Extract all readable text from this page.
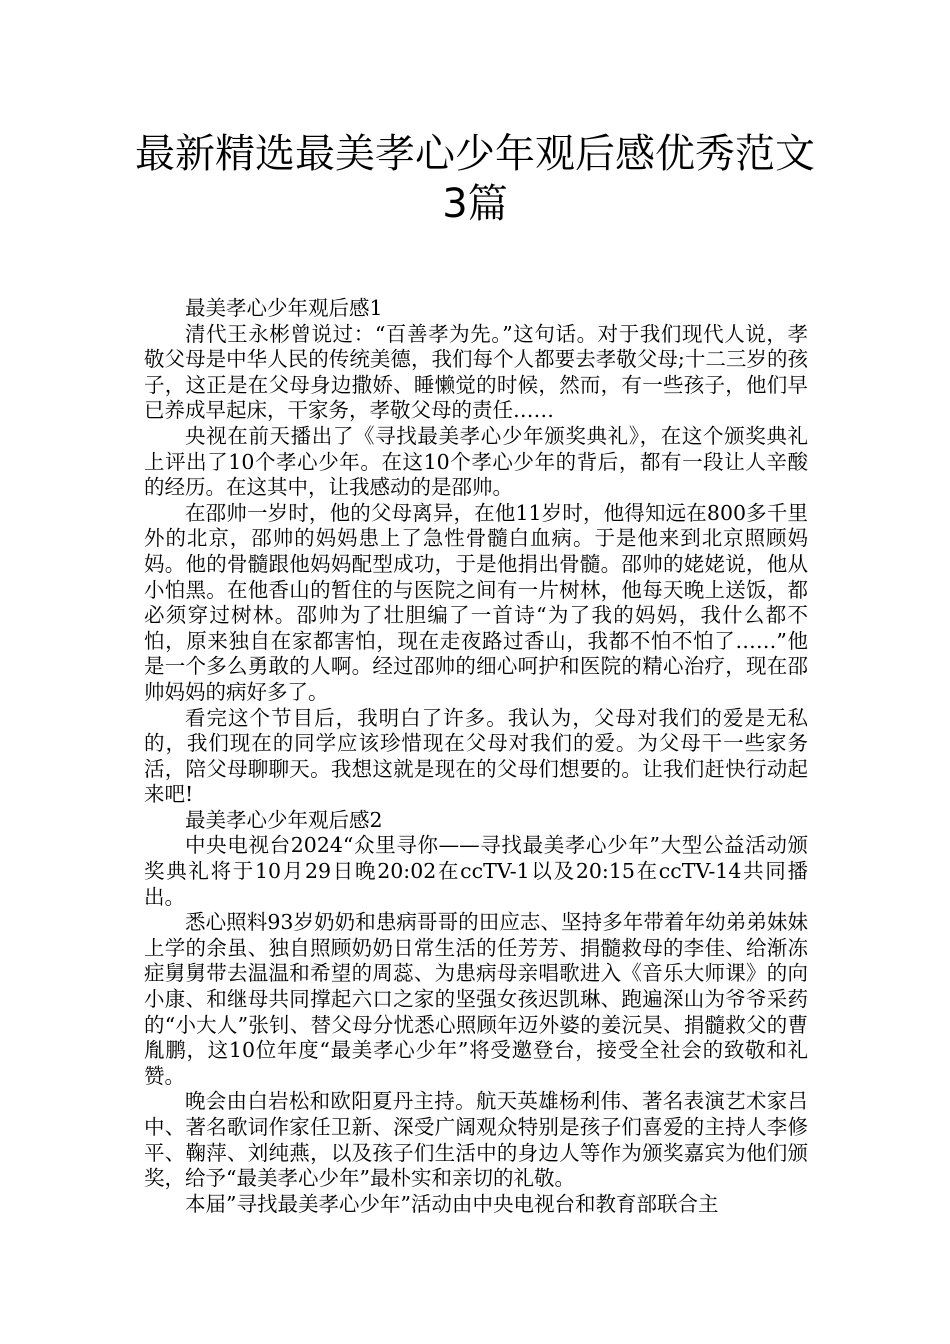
最新精选最美孝心少年观后感优秀范文
3篇

最美孝心少年观后感1

清代王永彬曾说过：“百善孝为先。”这句话。对于我们现代人说，孝敬父母是中华人民的传统美德，我们每个人都要去孝敬父母;十二三岁的孩子，这正是在父母身边撒娇、睡懒觉的时候，然而，有一些孩子，他们早已养成早起床，干家务，孝敬父母的责任……

央视在前天播出了《寻找最美孝心少年颁奖典礼》，在这个颁奖典礼上评出了10个孝心少年。在这10个孝心少年的背后，都有一段让人辛酸的经历。在这其中，让我感动的是邵帅。

在邵帅一岁时，他的父母离异，在他11岁时，他得知远在800多千里外的北京，邵帅的妈妈患上了急性骨髓白血病。于是他来到北京照顾妈妈。他的骨髓跟他妈妈配型成功，于是他捐出骨髓。邵帅的姥姥说，他从小怕黑。在他香山的暂住的与医院之间有一片树林，他每天晚上送饭，都必须穿过树林。邵帅为了壮胆编了一首诗“为了我的妈妈，我什么都不怕，原来独自在家都害怕，现在走夜路过香山，我都不怕不怕了……”他是一个多么勇敢的人啊。经过邵帅的细心呵护和医院的精心治疗，现在邵帅妈妈的病好多了。

看完这个节目后，我明白了许多。我认为，父母对我们的爱是无私的，我们现在的同学应该珍惜现在父母对我们的爱。为父母干一些家务活，陪父母聊聊天。我想这就是现在的父母们想要的。让我们赶快行动起来吧!

最美孝心少年观后感2

中央电视台2024“众里寻你——寻找最美孝心少年”大型公益活动颁奖典礼将于10月29日晚20:02在ccTV-1以及20:15在ccTV-14共同播出。

悉心照料93岁奶奶和患病哥哥的田应志、坚持多年带着年幼弟弟妹妹上学的余虽、独自照顾奶奶日常生活的任芳芳、捐髓救母的李佳、给渐冻症舅舅带去温温和希望的周蕊、为患病母亲唱歌进入《音乐大师课》的向小康、和继母共同撑起六口之家的坚强女孩迟凯琳、跑遍深山为爷爷采药的“小大人”张钊、替父母分忧悉心照顾年迈外婆的姜沅昊、捐髓救父的曹胤鹏，这10位年度“最美孝心少年”将受邀登台，接受全社会的致敬和礼赞。

晚会由白岩松和欧阳夏丹主持。航天英雄杨利伟、著名表演艺术家吕中、著名歌词作家任卫新、深受广阔观众特别是孩子们喜爱的主持人李修平、鞠萍、刘纯燕，以及孩子们生活中的身边人等作为颁奖嘉宾为他们颁奖，给予“最美孝心少年”最朴实和亲切的礼敬。

本届”寻找最美孝心少年”活动由中央电视台和教育部联合主
